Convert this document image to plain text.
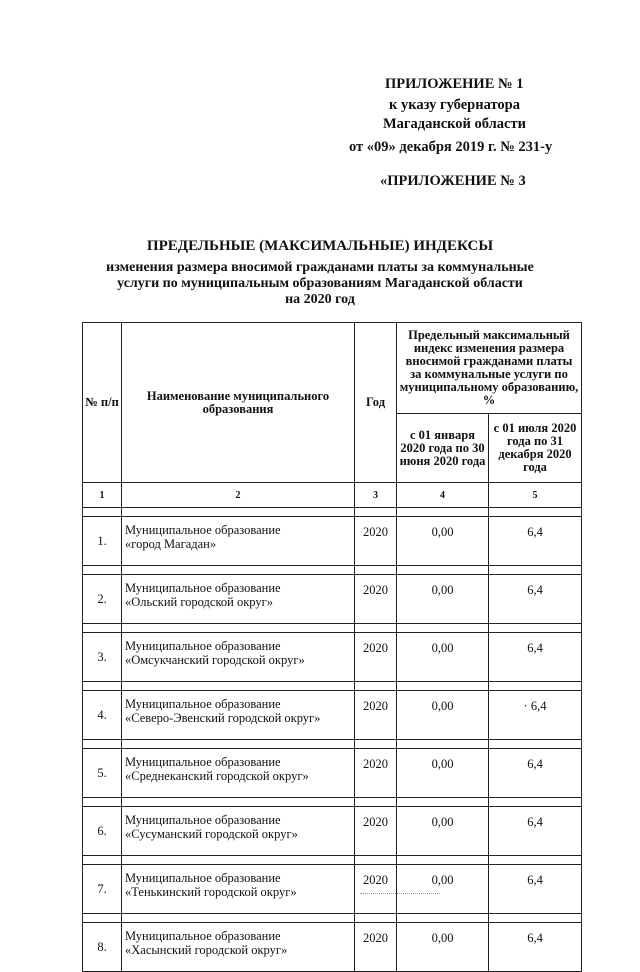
ПРИЛОЖЕНИЕ № 1
к указу губернатора
Магаданской области
от «09» декабря 2019 г. № 231-у
«ПРИЛОЖЕНИЕ № 3
ПРЕДЕЛЬНЫЕ (МАКСИМАЛЬНЫЕ) ИНДЕКСЫ
изменения размера вносимой гражданами платы за коммунальные
услуги по муниципальным образованиям Магаданской области
на 2020 год
№ п/п	Наименование муниципального образования	Год	Предельный максимальный индекс изменения размера вносимой гражданами платы за коммунальные услуги по муниципальному образованию, %	
			с 01 января 2020 года по 30 июня 2020 года	с 01 июля 2020 года по 31 декабря 2020 года
1	2	3	4	5

1.	Муниципальное образование
«город Магадан»	2020	0,00	6,4

2.	Муниципальное образование
«Ольский городской округ»	2020	0,00	6,4

3.	Муниципальное образование
«Омсукчанский городской округ»	2020	0,00	6,4

4.	Муниципальное образование
«Северо-Эвенский городской округ»	2020	0,00	· 6,4

5.	Муниципальное образование
«Среднеканский городской округ»	2020	0,00	6,4

6.	Муниципальное образование
«Сусуманский городской округ»	2020	0,00	6,4

7.	Муниципальное образование
«Тенькинский городской округ»	2020	0,00	6,4

8.	Муниципальное образование
«Хасынский городской округ»	2020	0,00	6,4
